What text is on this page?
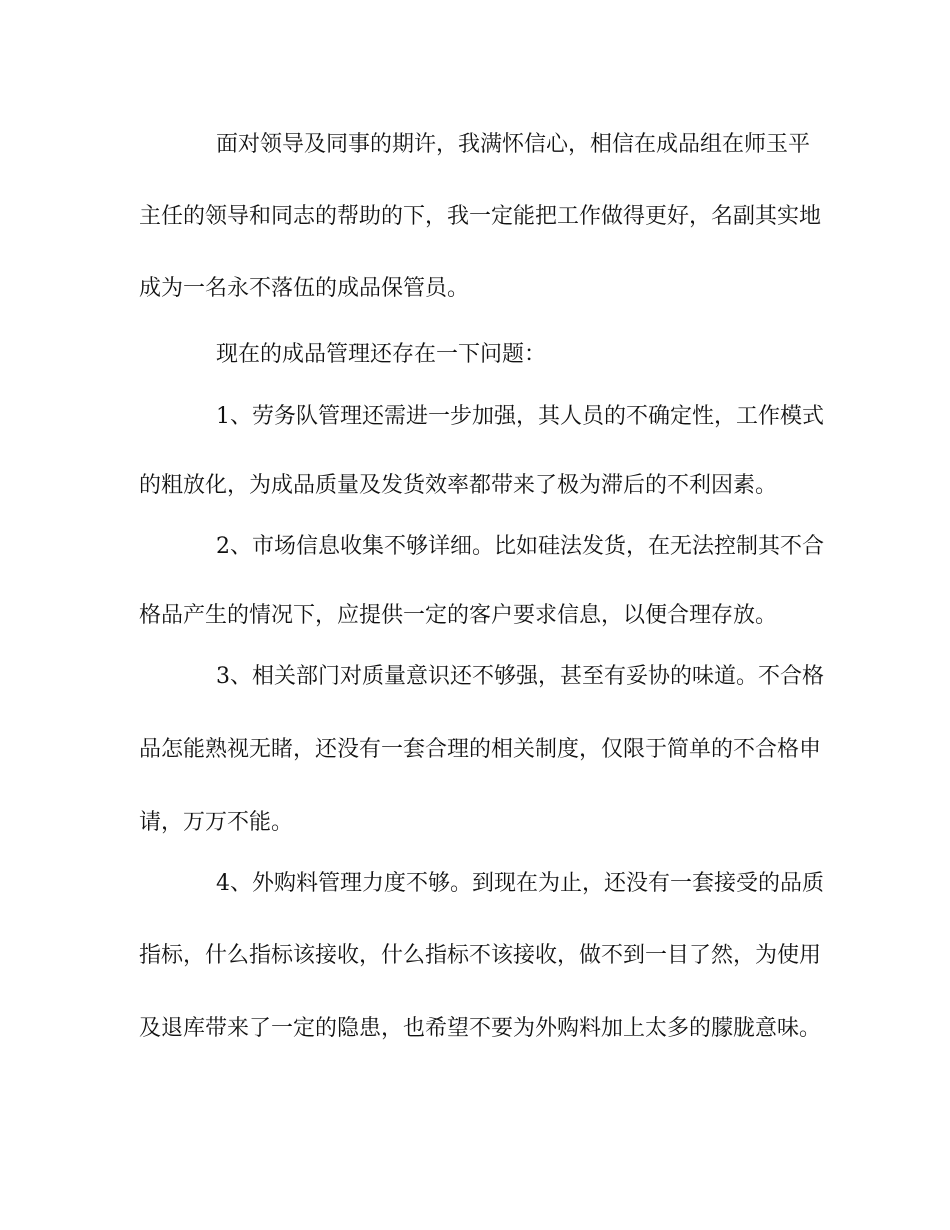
面对领导及同事的期许，我满怀信心，相信在成品组在师玉平
主任的领导和同志的帮助的下，我一定能把工作做得更好，名副其实地
成为一名永不落伍的成品保管员。
现在的成品管理还存在一下问题：
1、劳务队管理还需进一步加强，其人员的不确定性，工作模式
的粗放化，为成品质量及发货效率都带来了极为滞后的不利因素。
2、市场信息收集不够详细。比如硅法发货，在无法控制其不合
格品产生的情况下，应提供一定的客户要求信息，以便合理存放。
3、相关部门对质量意识还不够强，甚至有妥协的味道。不合格
品怎能熟视无睹，还没有一套合理的相关制度，仅限于简单的不合格申
请，万万不能。
4、外购料管理力度不够。到现在为止，还没有一套接受的品质
指标，什么指标该接收，什么指标不该接收，做不到一目了然，为使用
及退库带来了一定的隐患，也希望不要为外购料加上太多的朦胧意味。
